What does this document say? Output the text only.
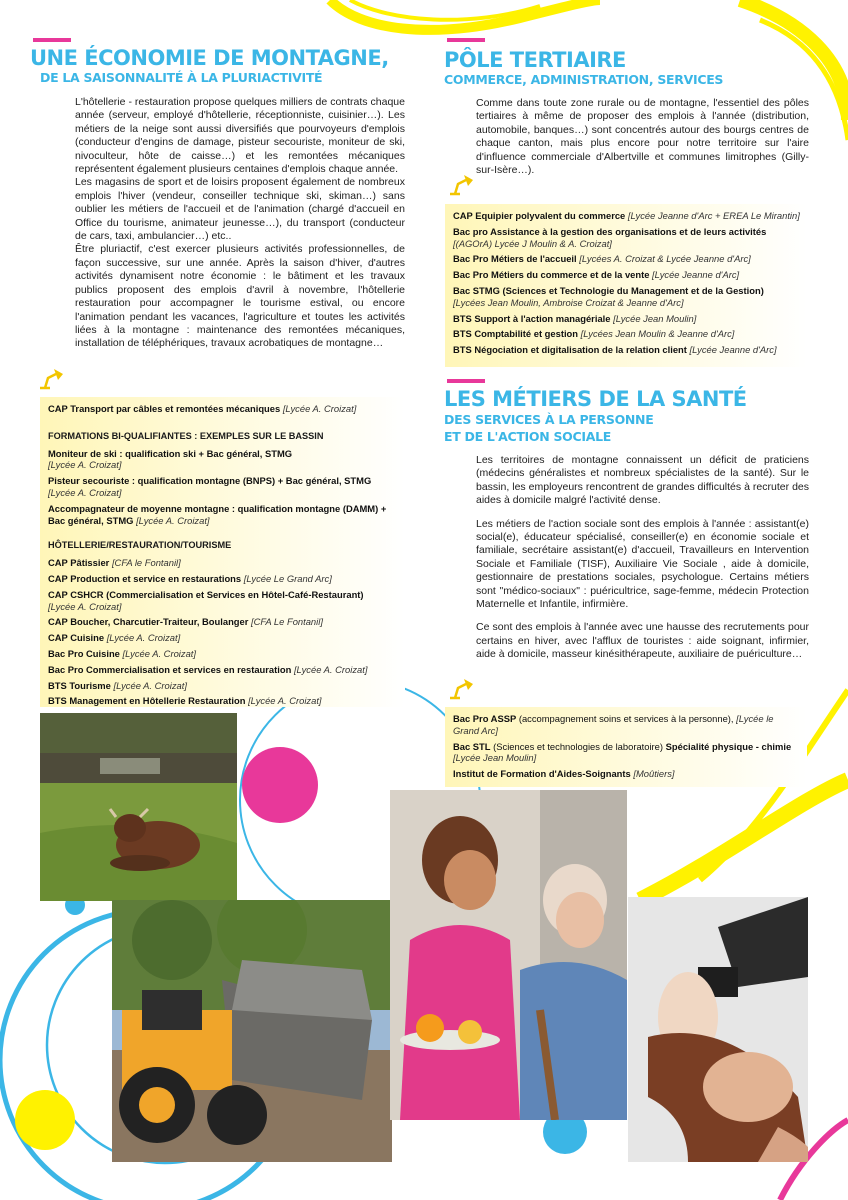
UNE ÉCONOMIE DE MONTAGNE,
DE LA SAISONNALITÉ À LA PLURIACTIVITÉ

L'hôtellerie - restauration propose quelques milliers de contrats chaque année (serveur, employé d'hôtellerie, réceptionniste, cuisinier…). Les métiers de la neige sont aussi diversifiés que pourvoyeurs d'emplois (conducteur d'engins de damage, pisteur secouriste, moniteur de ski, nivoculteur, hôte de caisse…) et les remontées mécaniques représentent également plusieurs centaines d'emplois chaque année.

Les magasins de sport et de loisirs proposent également de nombreux emplois l'hiver (vendeur, conseiller technique ski, skiman…) sans oublier les métiers de l'accueil et de l'animation (chargé d'accueil en Office du tourisme, animateur jeunesse…), du transport (conducteur de cars, taxi, ambulancier…) etc..

Être pluriactif, c'est exercer plusieurs activités professionnelles, de façon successive, sur une année. Après la saison d'hiver, d'autres activités dynamisent notre économie : le bâtiment et les travaux publics proposent des emplois d'avril à novembre, l'hôtellerie restauration pour accompagner le tourisme estival, ou encore l'animation pendant les vacances, l'agriculture et toutes les activités liées à la montagne : maintenance des remontées mécaniques, installation de téléphériques, travaux acrobatiques de montagne…

CAP Transport par câbles et remontées mécaniques [Lycée A. Croizat]
FORMATIONS BI-QUALIFIANTES : EXEMPLES SUR LE BASSIN
Moniteur de ski : qualification ski + Bac général, STMG
[Lycée A. Croizat]
Pisteur secouriste : qualification montagne (BNPS) + Bac général, STMG
[Lycée A. Croizat]
Accompagnateur de moyenne montagne : qualification montagne (DAMM) + Bac général, STMG [Lycée A. Croizat]
HÔTELLERIE/RESTAURATION/TOURISME
CAP Pâtissier [CFA le Fontanil]
CAP Production et service en restaurations [Lycée Le Grand Arc]
CAP CSHCR (Commercialisation et Services en Hôtel-Café-Restaurant)
[Lycée A. Croizat]
CAP Boucher, Charcutier-Traiteur, Boulanger [CFA Le Fontanil]
CAP Cuisine [Lycée A. Croizat]
Bac Pro Cuisine [Lycée A. Croizat]
Bac Pro Commercialisation et services en restauration [Lycée A. Croizat]
BTS Tourisme [Lycée A. Croizat]
BTS Management en Hôtellerie Restauration [Lycée A. Croizat]
PÔLE TERTIAIRE
COMMERCE, ADMINISTRATION, SERVICES
Comme dans toute zone rurale ou de montagne, l'essentiel des pôles tertiaires à même de proposer des emplois à l'année (distribution, automobile, banques…) sont concentrés autour des bourgs centres de chaque canton, mais plus encore pour notre territoire sur l'aire d'influence commerciale d'Albertville et communes limitrophes (Gilly-sur-Isère…).
CAP Equipier polyvalent du commerce [Lycée Jeanne d'Arc + EREA Le Mirantin]
Bac pro Assistance à la gestion des organisations et de leurs activités
[(AGOrA) Lycée J Moulin & A. Croizat]
Bac Pro Métiers de l'accueil [Lycées A. Croizat & Lycée Jeanne d'Arc]
Bac Pro Métiers du commerce et de la vente [Lycée Jeanne d'Arc]
Bac STMG (Sciences et Technologie du Management et de la Gestion)
[Lycées Jean Moulin, Ambroise Croizat & Jeanne d'Arc]
BTS Support à l'action managériale [Lycée Jean Moulin]
BTS Comptabilité et gestion [Lycées Jean Moulin & Jeanne d'Arc]
BTS Négociation et digitalisation de la relation client [Lycée Jeanne d'Arc]
LES MÉTIERS DE LA SANTÉ
DES SERVICES À LA PERSONNE
ET DE L'ACTION SOCIALE

Les territoires de montagne connaissent un déficit de praticiens (médecins généralistes et nombreux spécialistes de la santé). Sur le bassin, les employeurs rencontrent de grandes difficultés à recruter des aides à domicile malgré l'activité dense.

Les métiers de l'action sociale sont des emplois à l'année : assistant(e) social(e), éducateur spécialisé, conseiller(e) en économie sociale et familiale, secrétaire assistant(e) d'accueil, Travailleurs en Intervention Sociale et Familiale (TISF), Auxiliaire Vie Sociale , aide à domicile, gestionnaire de prestations sociales, psychologue. Certains métiers sont "médico-sociaux" : puéricultrice, sage-femme, médecin Protection Maternelle et Infantile, infirmière.

Ce sont des emplois à l'année avec une hausse des recrutements pour certains en hiver, avec l'afflux de touristes : aide soignant, infirmier, aide à domicile, masseur kinésithérapeute, auxiliaire de puériculture…

Bac Pro ASSP (accompagnement soins et services à la personne), [Lycée le Grand Arc]
Bac STL (Sciences et technologies de laboratoire) Spécialité physique - chimie
[Lycée Jean Moulin]
Institut de Formation d'Aides-Soignants [Moûtiers]
